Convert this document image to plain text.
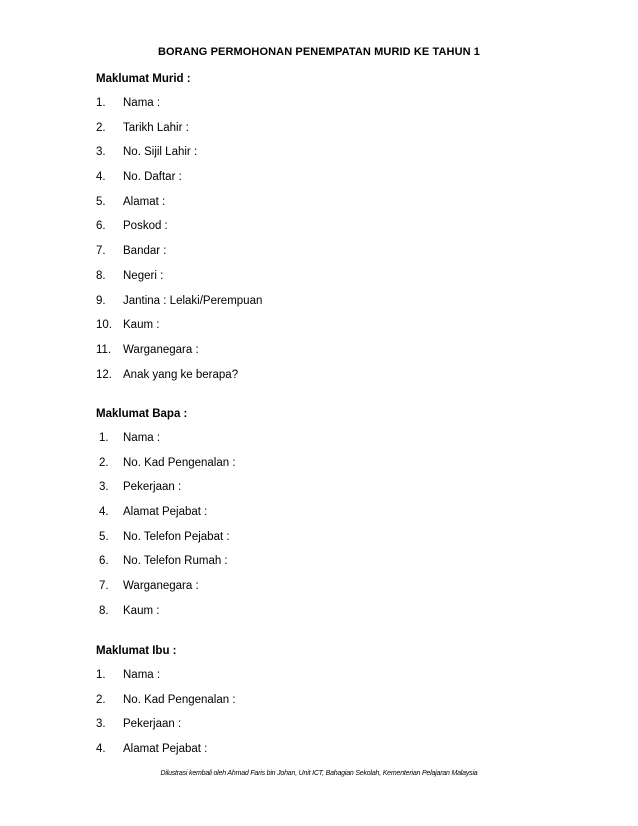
BORANG PERMOHONAN PENEMPATAN MURID KE TAHUN 1
Maklumat Murid :
1. Nama :
2. Tarikh Lahir :
3. No. Sijil Lahir :
4. No. Daftar :
5. Alamat :
6. Poskod :
7. Bandar :
8. Negeri :
9. Jantina : Lelaki/Perempuan
10. Kaum :
11. Warganegara :
12. Anak yang ke berapa?
Maklumat Bapa :
1. Nama :
2. No. Kad Pengenalan :
3. Pekerjaan :
4. Alamat Pejabat :
5. No. Telefon Pejabat :
6. No. Telefon Rumah :
7. Warganegara :
8. Kaum :
Maklumat Ibu :
1. Nama :
2. No. Kad Pengenalan :
3. Pekerjaan :
4. Alamat Pejabat :
Dilustrasi kembali oleh Ahmad Faris bin Johan, Unit ICT, Bahagian Sekolah, Kementerian Pelajaran Malaysia
